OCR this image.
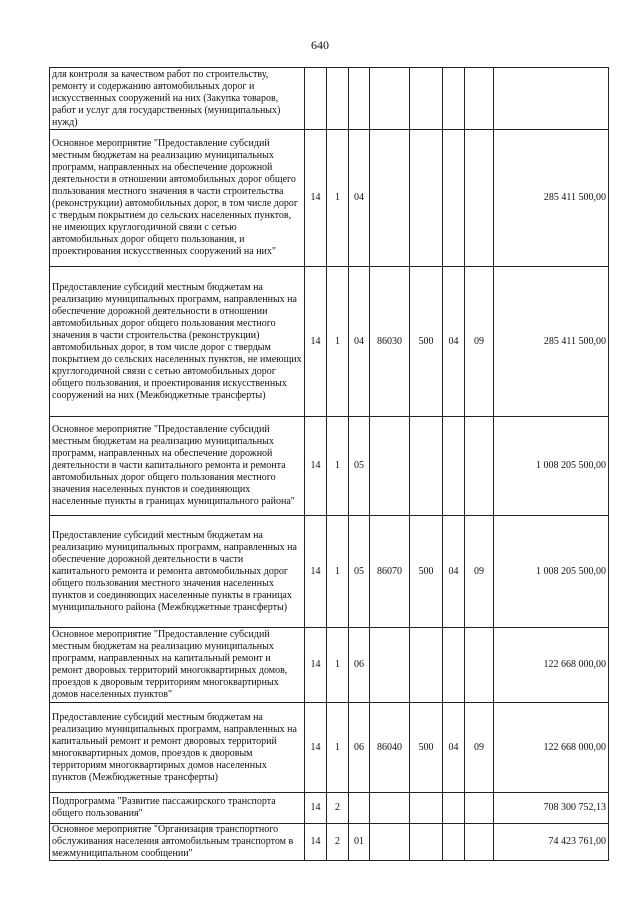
640
для контроля за качеством работ по строительству, ремонту и содержанию автомобильных дорог и искусственных сооружений на них (Закупка товаров, работ и услуг для государственных (муниципальных) нужд)								
Основное мероприятие "Предоставление субсидий местным бюджетам на реализацию муниципальных программ, направленных на обеспечение дорожной деятельности в отношении автомобильных дорог общего пользования местного значения в части строительства (реконструкции) автомобильных дорог, в том числе дорог с твердым покрытием до сельских населенных пунктов, не имеющих круглогодичной связи с сетью автомобильных дорог общего пользования, и проектирования искусственных сооружений на них"	14	1	04					285 411 500,00
Предоставление субсидий местным бюджетам на реализацию муниципальных программ, направленных на обеспечение дорожной деятельности в отношении автомобильных дорог общего пользования местного значения в части строительства (реконструкции) автомобильных дорог, в том числе дорог с твердым покрытием до сельских населенных пунктов, не имеющих круглогодичной связи с сетью автомобильных дорог общего пользования, и проектирования искусственных сооружений на них (Межбюджетные трансферты)	14	1	04	86030	500	04	09	285 411 500,00
Основное мероприятие "Предоставление субсидий местным бюджетам на реализацию муниципальных программ, направленных на обеспечение дорожной деятельности в части капитального ремонта и ремонта автомобильных дорог общего пользования местного значения населенных пунктов и соединяющих населенные пункты в границах муниципального района"	14	1	05					1 008 205 500,00
Предоставление субсидий местным бюджетам на реализацию муниципальных программ, направленных на обеспечение дорожной деятельности в части капитального ремонта и ремонта автомобильных дорог общего пользования местного значения населенных пунктов и соединяющих населенные пункты в границах муниципального района (Межбюджетные трансферты)	14	1	05	86070	500	04	09	1 008 205 500,00
Основное мероприятие "Предоставление субсидий местным бюджетам на реализацию муниципальных программ, направленных на капитальный ремонт и ремонт дворовых территорий многоквартирных домов, проездов к дворовым территориям многоквартирных домов населенных пунктов"	14	1	06					122 668 000,00
Предоставление субсидий местным бюджетам на реализацию муниципальных программ, направленных на капитальный ремонт и ремонт дворовых территорий многоквартирных домов, проездов к дворовым территориям многоквартирных домов населенных пунктов (Межбюджетные трансферты)	14	1	06	86040	500	04	09	122 668 000,00
Подпрограмма "Развитие пассажирского транспорта общего пользования"	14	2						708 300 752,13
Основное мероприятие "Организация транспортного обслуживания населения автомобильным транспортом в межмуниципальном сообщении"	14	2	01					74 423 761,00
